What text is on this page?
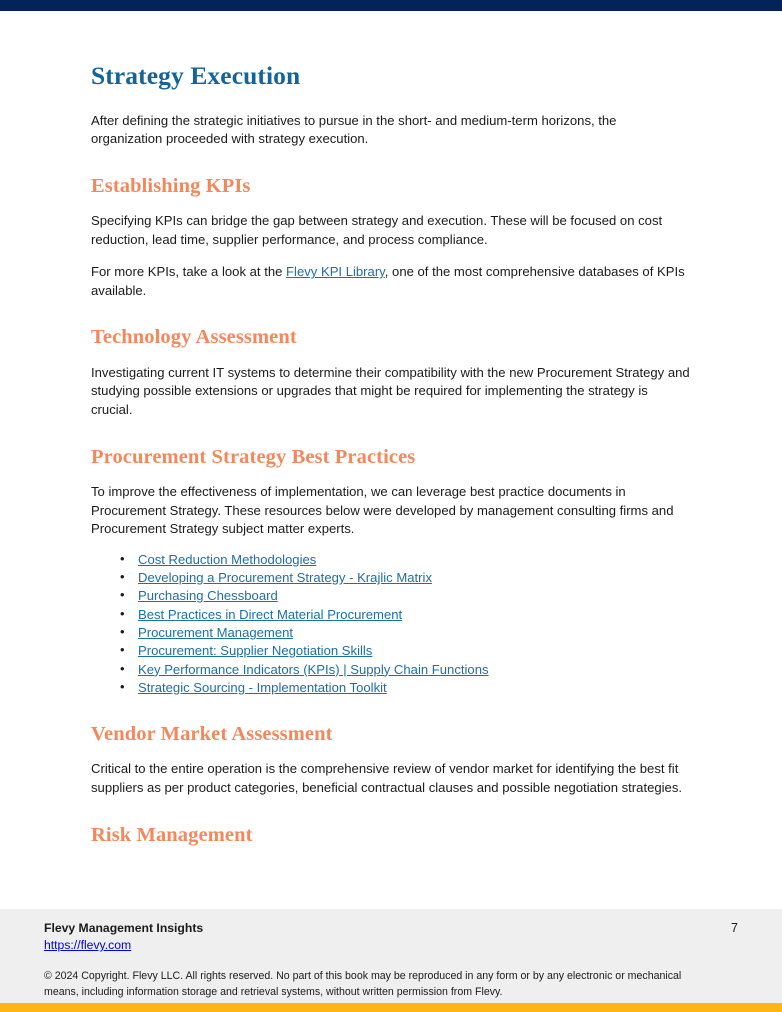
Strategy Execution

After defining the strategic initiatives to pursue in the short- and medium-term horizons, the organization proceeded with strategy execution.

Establishing KPIs

Specifying KPIs can bridge the gap between strategy and execution. These will be focused on cost reduction, lead time, supplier performance, and process compliance.

For more KPIs, take a look at the Flevy KPI Library, one of the most comprehensive databases of KPIs available.

Technology Assessment

Investigating current IT systems to determine their compatibility with the new Procurement Strategy and studying possible extensions or upgrades that might be required for implementing the strategy is crucial.

Procurement Strategy Best Practices

To improve the effectiveness of implementation, we can leverage best practice documents in Procurement Strategy. These resources below were developed by management consulting firms and Procurement Strategy subject matter experts.

• Cost Reduction Methodologies
• Developing a Procurement Strategy - Krajlic Matrix
• Purchasing Chessboard
• Best Practices in Direct Material Procurement
• Procurement Management
• Procurement: Supplier Negotiation Skills
• Key Performance Indicators (KPIs) | Supply Chain Functions
• Strategic Sourcing - Implementation Toolkit
Vendor Market Assessment

Critical to the entire operation is the comprehensive review of vendor market for identifying the best fit suppliers as per product categories, beneficial contractual clauses and possible negotiation strategies.

Risk Management
Flevy Management Insights
https://flevy.com
7
© 2024 Copyright. Flevy LLC. All rights reserved. No part of this book may be reproduced in any form or by any electronic or mechanical means, including information storage and retrieval systems, without written permission from Flevy.
